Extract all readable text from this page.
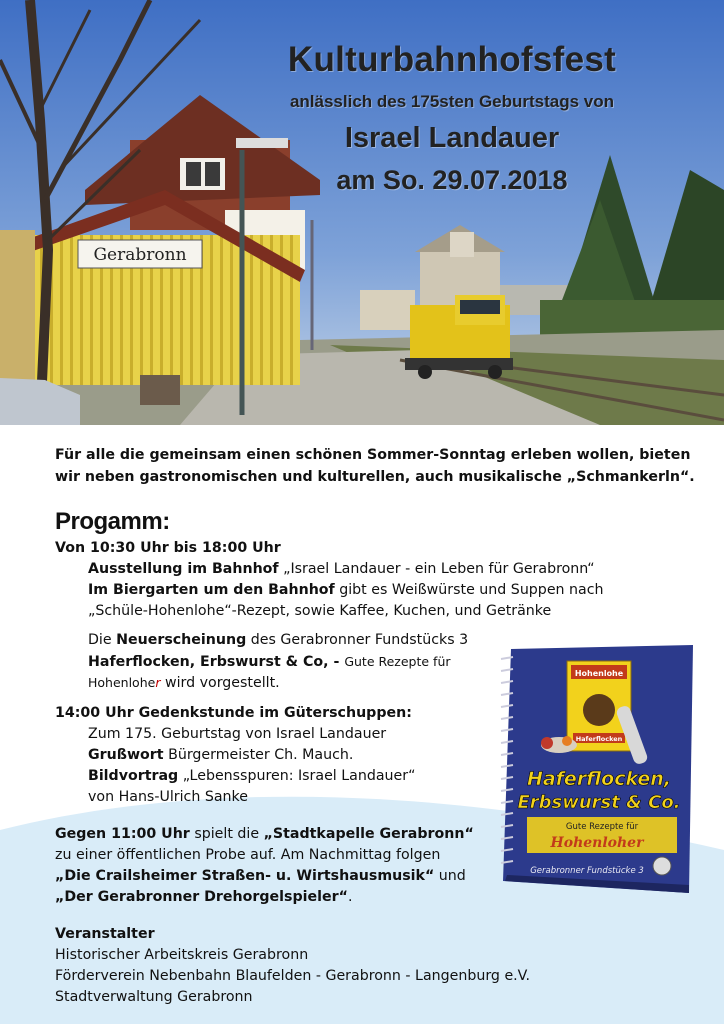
Gerabronn
Kulturbahnhofsfest
anlässlich des 175sten Geburtstags von
Israel Landauer
am So. 29.07.2018
Für alle die gemeinsam einen schönen Sommer-Sonntag erleben wollen, bieten wir neben gastronomischen und kulturellen, auch musikalische „Schmankerln“.
Progamm:
Von 10:30 Uhr bis 18:00 Uhr
Ausstellung im Bahnhof „Israel Landauer - ein Leben für Gerabronn“
Im Biergarten um den Bahnhof gibt es Weißwürste und Suppen nach
„Schüle-Hohenlohe“-Rezept, sowie Kaffee, Kuchen, und Getränke
Die Neuerscheinung des Gerabronner Fundstücks 3
Haferflocken, Erbswurst & Co, - Gute Rezepte für
Hohenloher wird vorgestellt.
14:00 Uhr Gedenkstunde im Güterschuppen:
Zum 175. Geburtstag von Israel Landauer
Grußwort Bürgermeister Ch. Mauch.
Bildvortrag „Lebensspuren: Israel Landauer“
von Hans-Ulrich Sanke
Gegen 11:00 Uhr spielt die „Stadtkapelle Gerabronn“
zu einer öffentlichen Probe auf. Am Nachmittag folgen
„Die Crailsheimer Straßen- u. Wirtshausmusik“ und
„Der Gerabronner Drehorgelspieler“.
Veranstalter
Historischer Arbeitskreis Gerabronn
Förderverein Nebenbahn Blaufelden - Gerabronn - Langenburg e.V.
Stadtverwaltung Gerabronn
Hohenlohe
Haferflocken
Haferflocken,
Erbswurst & Co.
Gute Rezepte für
Hohenloher
Gerabronner Fundstücke 3
